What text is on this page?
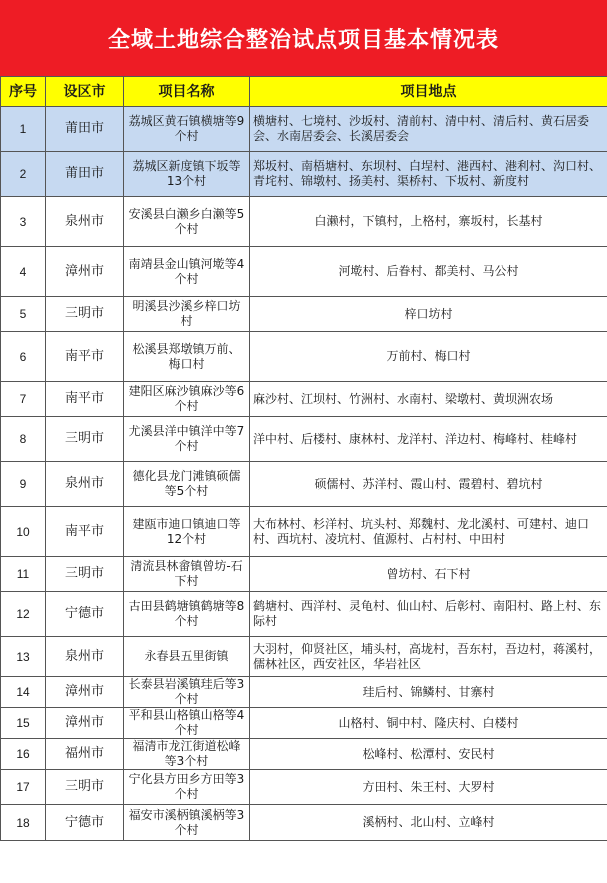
全域土地综合整治试点项目基本情况表
序号	设区市	项目名称	项目地点
1	莆田市	荔城区黄石镇横塘等9个村	横塘村、七境村、沙坂村、清前村、清中村、清后村、黄石居委会、水南居委会、长溪居委会
2	莆田市	荔城区新度镇下坂等13个村	郑坂村、南梧塘村、东坝村、白埕村、港西村、港利村、沟口村、青垞村、锦墩村、扬美村、渠桥村、下坂村、新度村
3	泉州市	安溪县白濑乡白濑等5个村	白濑村，下镇村，上格村，寨坂村，长基村
4	漳州市	南靖县金山镇河墘等4个村	河墘村、后眷村、都美村、马公村
5	三明市	明溪县沙溪乡梓口坊村	梓口坊村
6	南平市	松溪县郑墩镇万前、梅口村	万前村、梅口村
7	南平市	建阳区麻沙镇麻沙等6个村	麻沙村、江坝村、竹洲村、水南村、梁墩村、黄坝洲农场
8	三明市	尤溪县洋中镇洋中等7个村	洋中村、后楼村、康林村、龙洋村、洋边村、梅峰村、桂峰村
9	泉州市	德化县龙门滩镇硕儒等5个村	硕儒村、苏洋村、霞山村、霞碧村、碧坑村
10	南平市	建瓯市迪口镇迪口等12个村	大布林村、杉洋村、坑头村、郑魏村、龙北溪村、可建村、迪口村、西坑村、凌坑村、值源村、占村村、中田村
11	三明市	清流县林畲镇曾坊-石下村	曾坊村、石下村
12	宁德市	古田县鹤塘镇鹤塘等8个村	鹤塘村、西洋村、灵龟村、仙山村、后彰村、南阳村、路上村、东际村
13	泉州市	永春县五里街镇	大羽村，仰贤社区，埔头村，高垅村，吾东村，吾边村，蒋溪村，儒林社区，西安社区，华岩社区
14	漳州市	长泰县岩溪镇珪后等3个村	珪后村、锦鳞村、甘寨村
15	漳州市	平和县山格镇山格等4个村	山格村、铜中村、隆庆村、白楼村
16	福州市	福清市龙江街道松峰等3个村	松峰村、松潭村、安民村
17	三明市	宁化县方田乡方田等3个村	方田村、朱王村、大罗村
18	宁德市	福安市溪柄镇溪柄等3个村	溪柄村、北山村、立峰村
